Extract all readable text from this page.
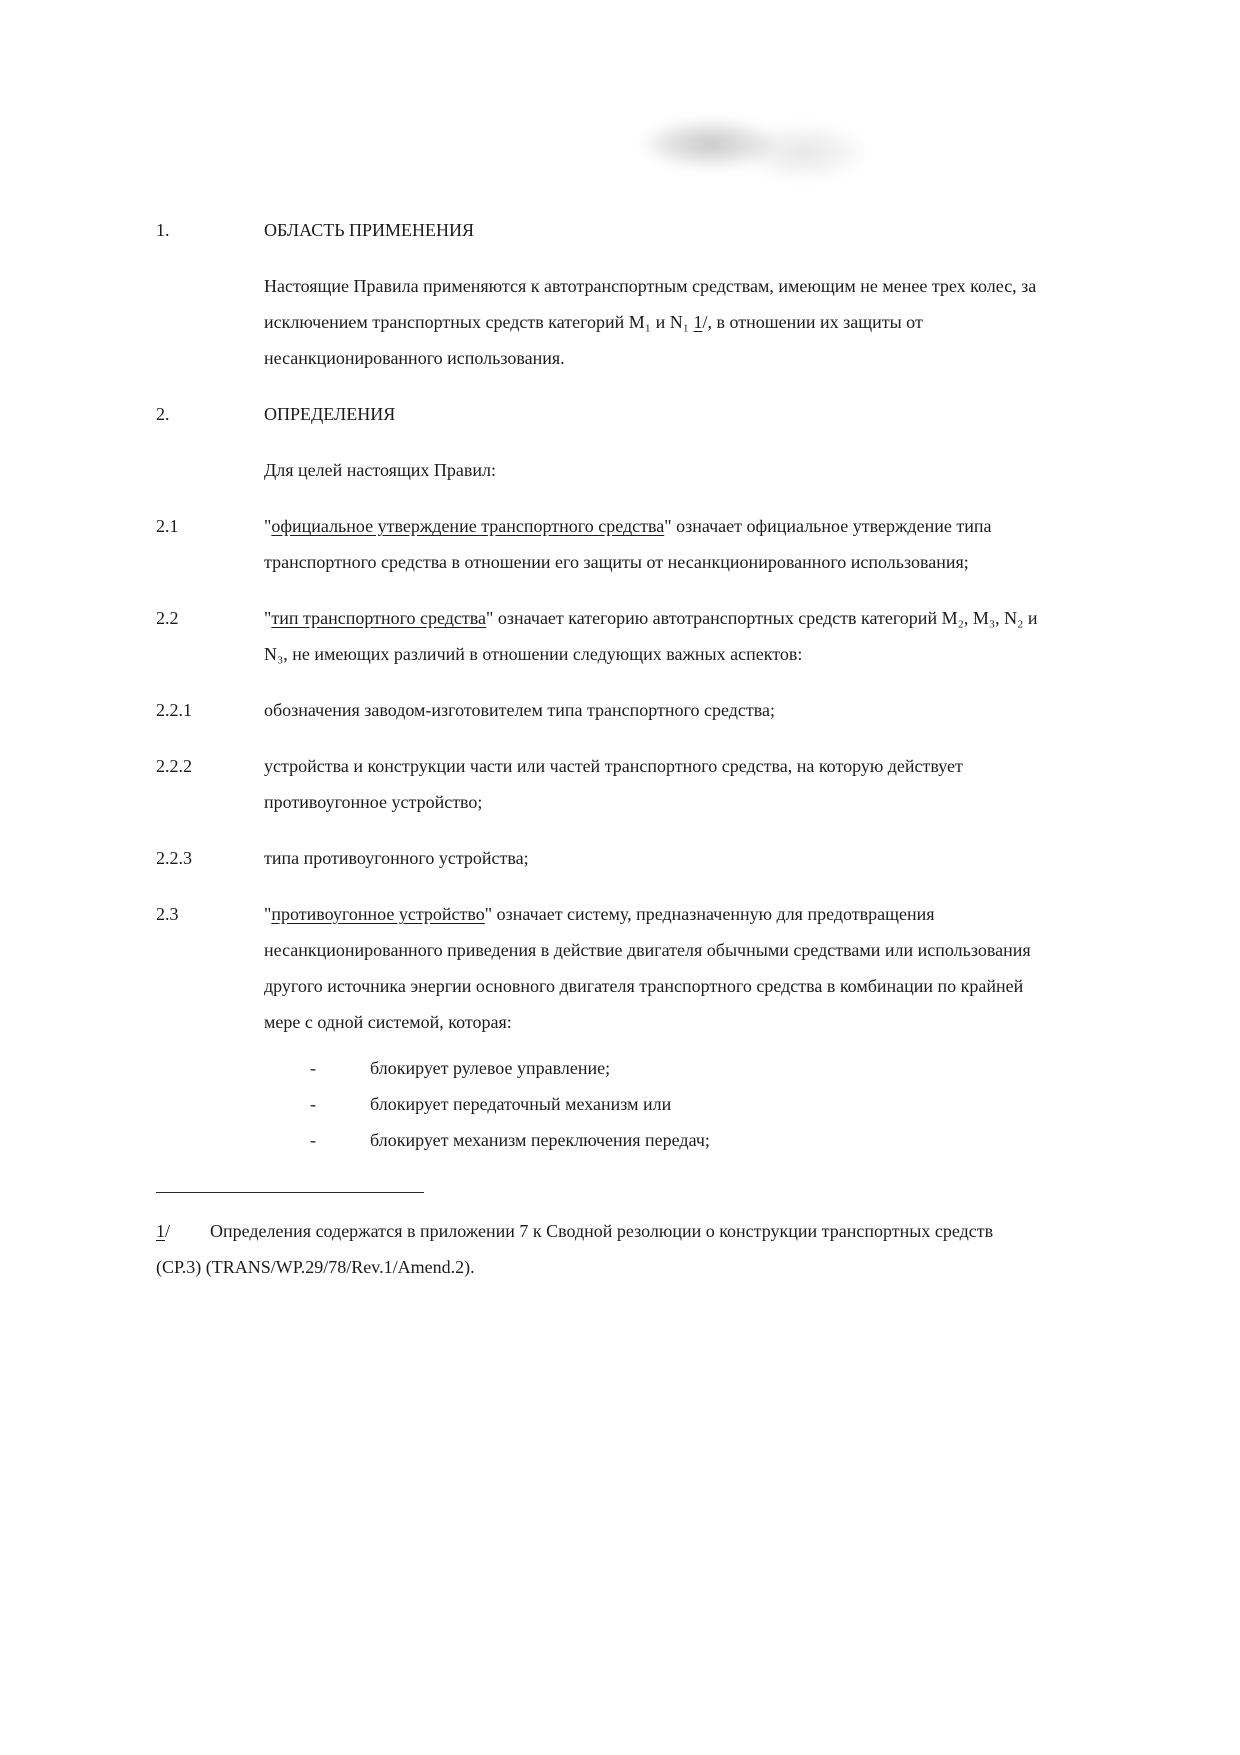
1.	ОБЛАСТЬ ПРИМЕНЕНИЯ
Настоящие Правила применяются к автотранспортным средствам, имеющим не менее трех колес, за исключением транспортных средств категорий M₁ и N₁ 1/, в отношении их защиты от несанкционированного использования.
2.	ОПРЕДЕЛЕНИЯ
Для целей настоящих Правил:
2.1	"официальное утверждение транспортного средства" означает официальное утверждение типа транспортного средства в отношении его защиты от несанкционированного использования;
2.2	"тип транспортного средства" означает категорию автотранспортных средств категорий M₂, M₃, N₂ и N₃, не имеющих различий в отношении следующих важных аспектов:
2.2.1	обозначения заводом-изготовителем типа транспортного средства;
2.2.2	устройства и конструкции части или частей транспортного средства, на которую действует противоугонное устройство;
2.2.3	типа противоугонного устройства;
2.3	"противоугонное устройство" означает систему, предназначенную для предотвращения несанкционированного приведения в действие двигателя обычными средствами или использования другого источника энергии основного двигателя транспортного средства в комбинации по крайней мере с одной системой, которая:
-	блокирует рулевое управление;
-	блокирует передаточный механизм или
-	блокирует механизм переключения передач;
1/ Определения содержатся в приложении 7 к Сводной резолюции о конструкции транспортных средств (СР.3) (TRANS/WP.29/78/Rev.1/Amend.2).
